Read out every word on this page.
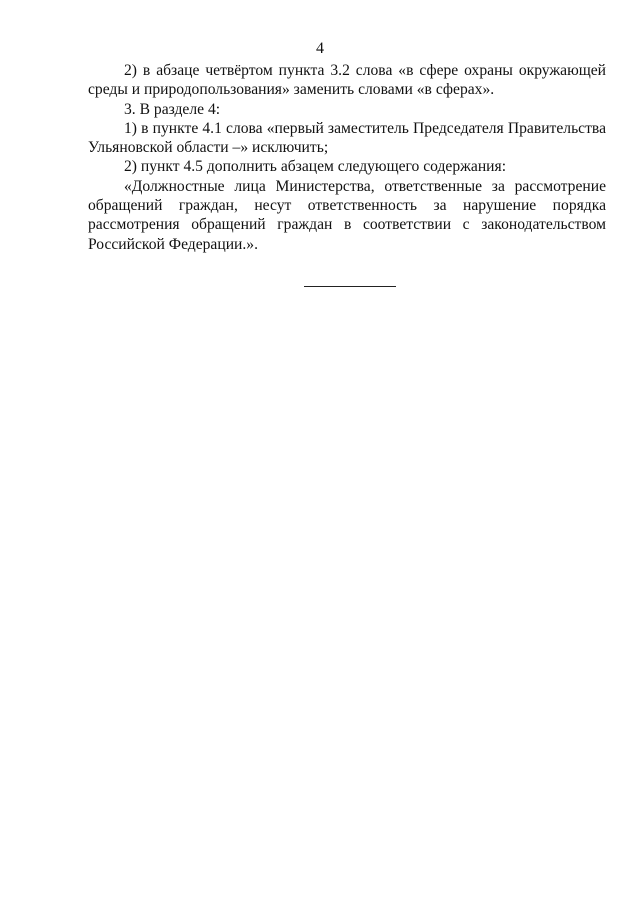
4

2) в абзаце четвёртом пункта 3.2 слова «в сфере охраны окружающей среды и природопользования» заменить словами «в сферах».

3. В разделе 4:

1) в пункте 4.1 слова «первый заместитель Председателя Правительства Ульяновской области –» исключить;

2) пункт 4.5 дополнить абзацем следующего содержания:

«Должностные лица Министерства, ответственные за рассмотрение обращений граждан, несут ответственность за нарушение порядка рассмотрения обращений граждан в соответствии с законодательством Российской Федерации.».
